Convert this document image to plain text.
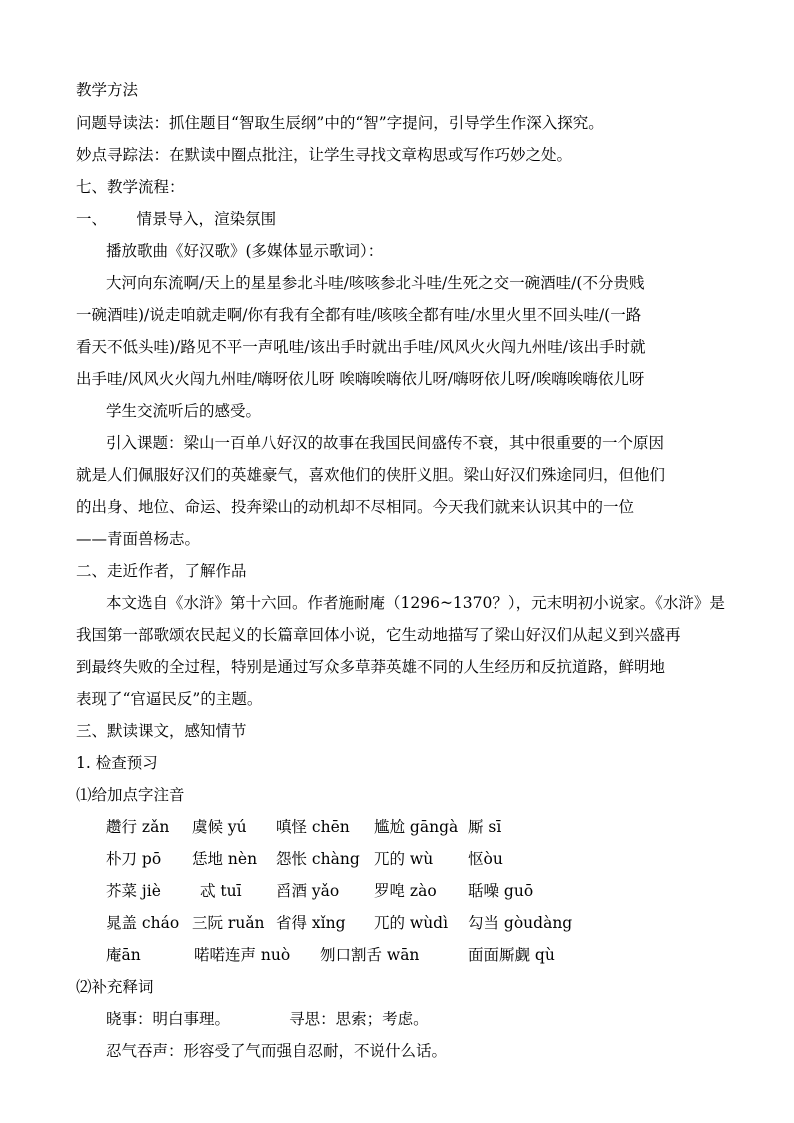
教学方法
问题导读法：抓住题目“智取生辰纲”中的“智”字提问，引导学生作深入探究。
妙点寻踪法：在默读中圈点批注，让学生寻找文章构思或写作巧妙之处。
七、教学流程：
一、      情景导入，渲染氛围
播放歌曲《好汉歌》(多媒体显示歌词）：
大河向东流啊/天上的星星参北斗哇/咳咳参北斗哇/生死之交一碗酒哇/(不分贵贱
一碗酒哇)/说走咱就走啊/你有我有全都有哇/咳咳全都有哇/水里火里不回头哇/(一路
看天不低头哇)/路见不平一声吼哇/该出手时就出手哇/风风火火闯九州哇/该出手时就
出手哇/风风火火闯九州哇/嗨呀依儿呀 唉嗨唉嗨依儿呀/嗨呀依儿呀/唉嗨唉嗨依儿呀
学生交流听后的感受。
引入课题：梁山一百单八好汉的故事在我国民间盛传不衰，其中很重要的一个原因
就是人们佩服好汉们的英雄豪气，喜欢他们的侠肝义胆。梁山好汉们殊途同归，但他们
的出身、地位、命运、投奔梁山的动机却不尽相同。今天我们就来认识其中的一位
——青面兽杨志。
二、走近作者，了解作品
本文选自《水浒》第十六回。作者施耐庵（1296~1370？），元末明初小说家。《水浒》是
我国第一部歌颂农民起义的长篇章回体小说，它生动地描写了梁山好汉们从起义到兴盛再
到最终失败的全过程，特别是通过写众多草莽英雄不同的人生经历和反抗道路，鲜明地
表现了“官逼民反”的主题。
三、默读课文，感知情节
1. 检查预习
⑴给加点字注音
趱行 zǎn 虞候 yú 嗔怪 chēn 尴尬 gāngà 厮 sī
朴刀 pō 恁地 nèn 怨怅 chàng 兀的 wù 怄òu
芥菜 jiè	忒 tuī 舀酒 yǎo 罗唣 zào 聒噪 guō
晁盖 cháo 三阮 ruǎn 省得 xǐng 兀的 wùdì 勾当 gòudàng
庵ān	喏喏连声 nuò 刎口割舌 wān	面面厮觑 qù
⑵补充释词
晓事：明白事理。            寻思：思索；考虑。
忍气吞声：形容受了气而强自忍耐，不说什么话。
